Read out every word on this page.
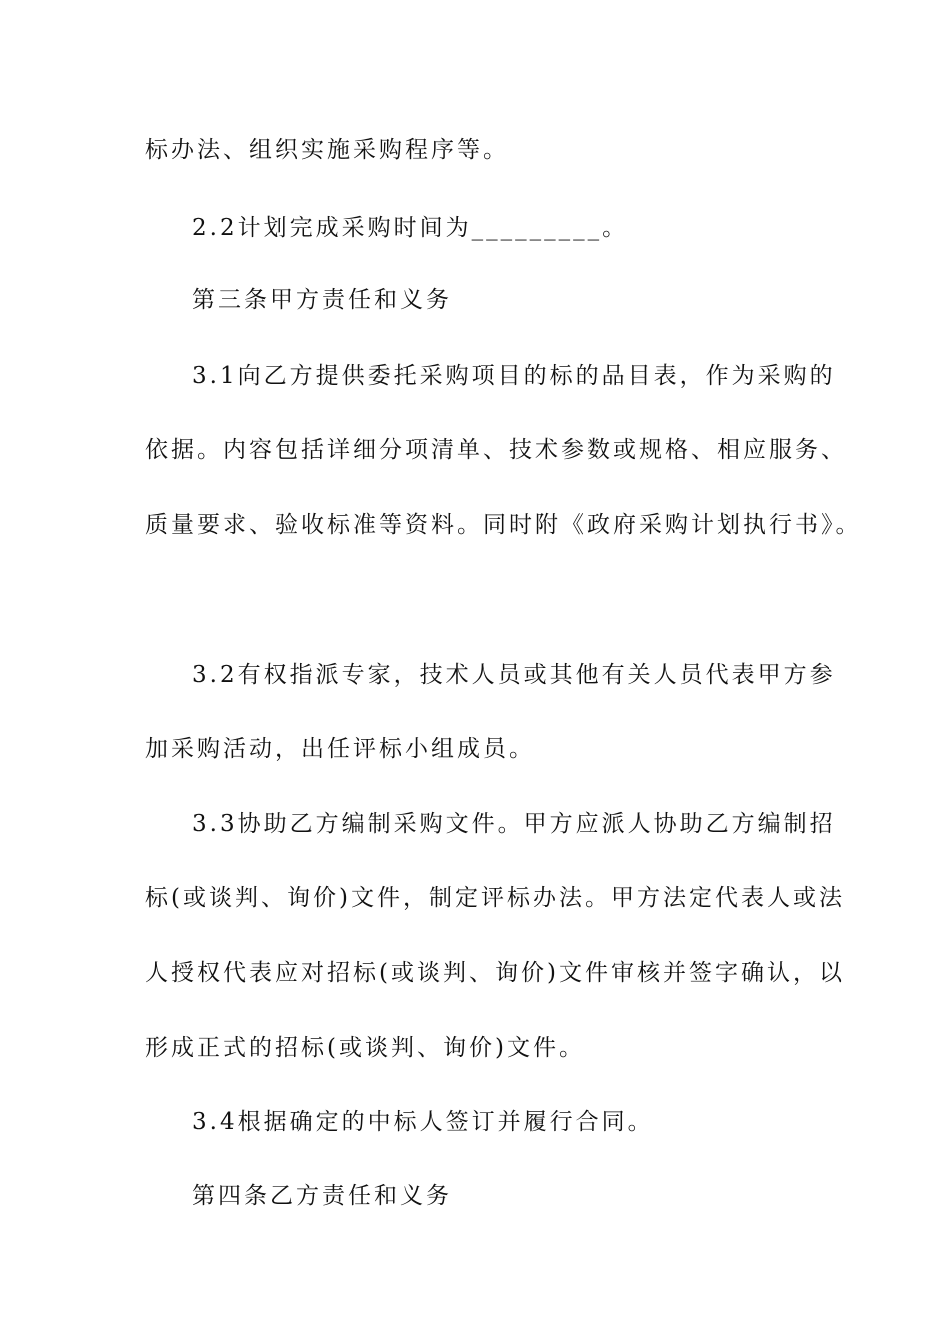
标办法、组织实施采购程序等。
2.2计划完成采购时间为_________。
第三条甲方责任和义务
3.1向乙方提供委托采购项目的标的品目表，作为采购的
依据。内容包括详细分项清单、技术参数或规格、相应服务、
质量要求、验收标准等资料。同时附《政府采购计划执行书》。
3.2有权指派专家，技术人员或其他有关人员代表甲方参
加采购活动，出任评标小组成员。
3.3协助乙方编制采购文件。甲方应派人协助乙方编制招
标(或谈判、询价)文件，制定评标办法。甲方法定代表人或法
人授权代表应对招标(或谈判、询价)文件审核并签字确认，以
形成正式的招标(或谈判、询价)文件。
3.4根据确定的中标人签订并履行合同。
第四条乙方责任和义务
